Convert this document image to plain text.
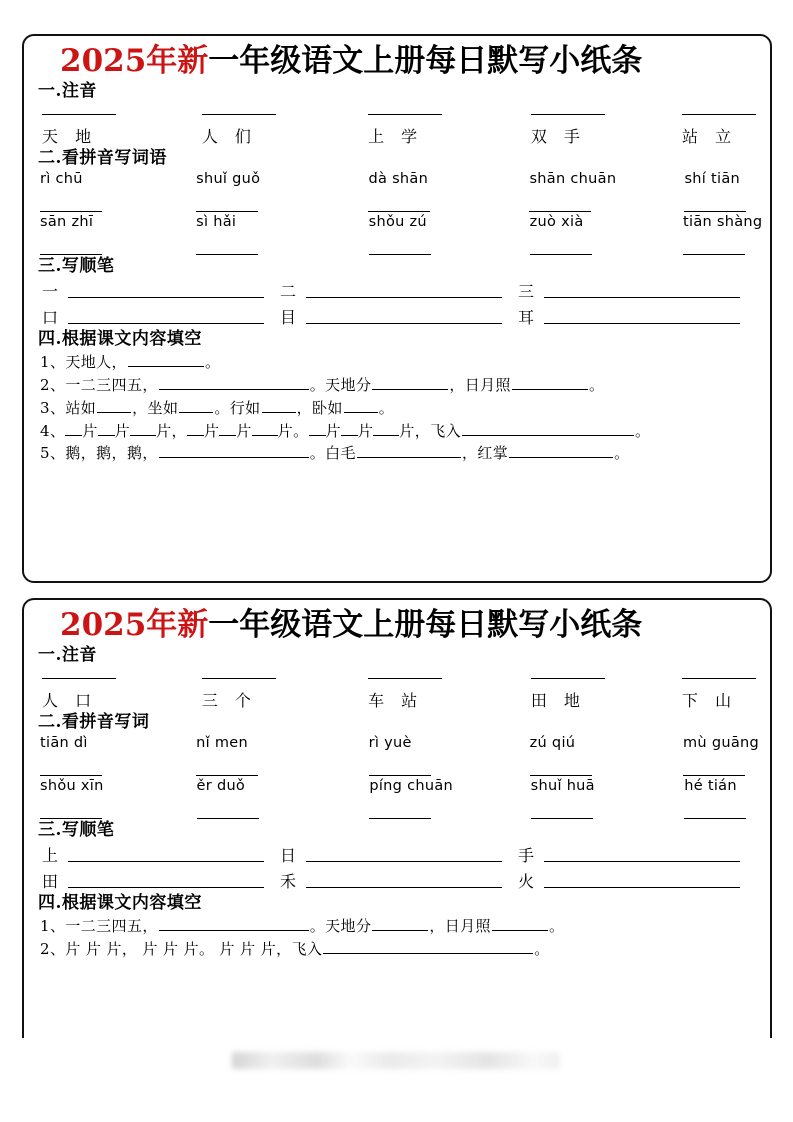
2025年新一年级语文上册每日默写小纸条
一.注音
天 地	人 们	上 学	双 手	站 立
二.看拼音写词语
rì chū	shuǐ guǒ	dà shān	shān chuān	shí tiān
sān zhī	sì hǎi	shǒu zú	zuò xià	tiān shàng
三.写顺笔
一	二	三
口	目	耳
四.根据课文内容填空
1、天地人，	。
2、一二三四五，	。天地分	，日月照	。
3、站如 ，坐如 。行如 ，卧如 。
4、 片 片 片， 片 片 片。 片 片 片，飞入	。
5、鹅，鹅，鹅，	。白毛	，红掌	。
2025年新一年级语文上册每日默写小纸条
一.注音
人 口	三 个	车 站	田 地	下 山
二.看拼音写词
tiān dì	nǐ men	rì yuè	zú qiú	mù guāng
shǒu xīn	ěr duǒ	píng chuān	shuǐ huā	hé tián
三.写顺笔
上	日	手
田	禾	火
四.根据课文内容填空
1、一二三四五，	。天地分	，日月照	。
2、片 片 片， 片 片 片。 片 片 片，飞入	。
